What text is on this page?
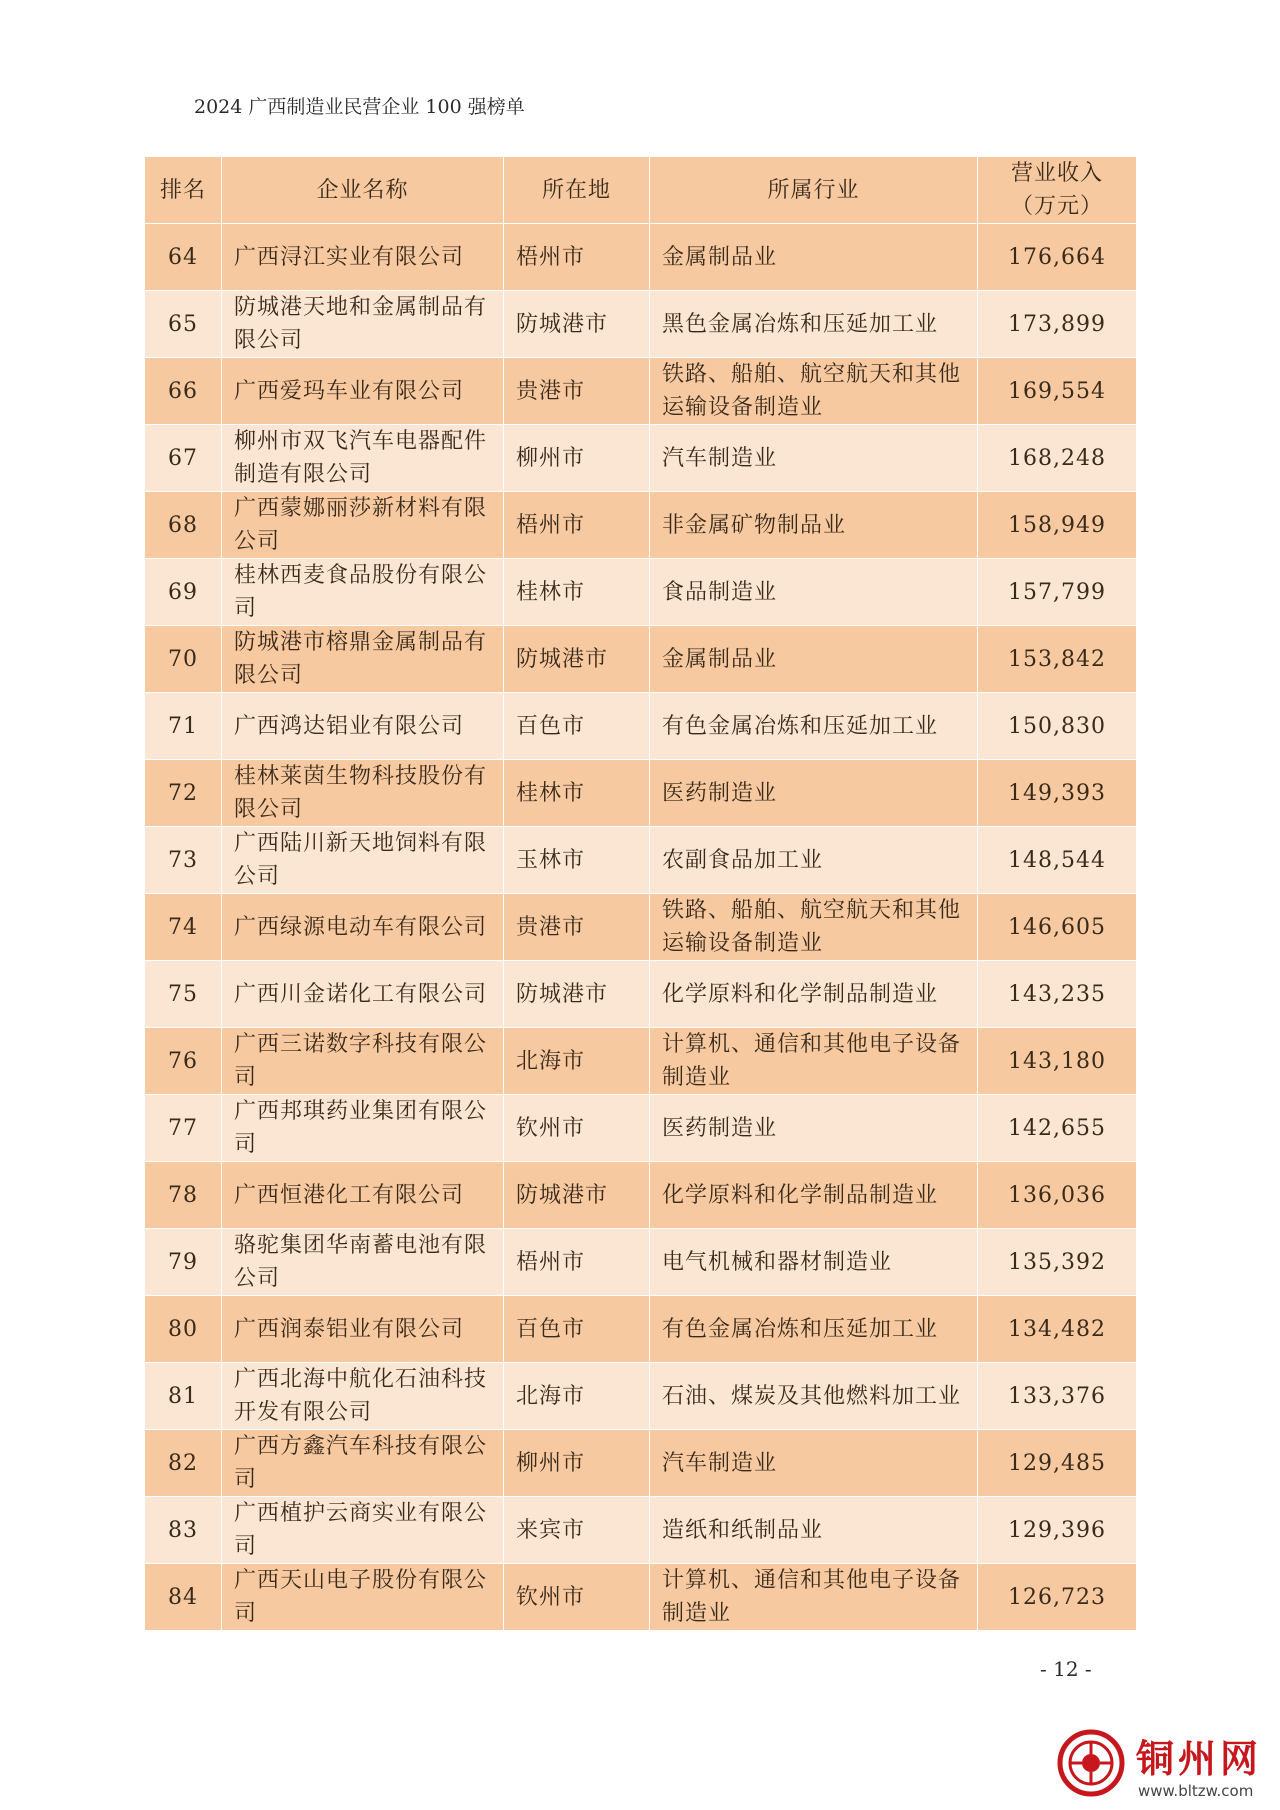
2024 广西制造业民营企业 100 强榜单
排名	企业名称	所在地	所属行业	营业收入（万元）
64	广西浔江实业有限公司	梧州市	金属制品业	176,664
65	防城港天地和金属制品有限公司	防城港市	黑色金属冶炼和压延加工业	173,899
66	广西爱玛车业有限公司	贵港市	铁路、船舶、航空航天和其他运输设备制造业	169,554
67	柳州市双飞汽车电器配件制造有限公司	柳州市	汽车制造业	168,248
68	广西蒙娜丽莎新材料有限公司	梧州市	非金属矿物制品业	158,949
69	桂林西麦食品股份有限公司	桂林市	食品制造业	157,799
70	防城港市榕鼎金属制品有限公司	防城港市	金属制品业	153,842
71	广西鸿达铝业有限公司	百色市	有色金属冶炼和压延加工业	150,830
72	桂林莱茵生物科技股份有限公司	桂林市	医药制造业	149,393
73	广西陆川新天地饲料有限公司	玉林市	农副食品加工业	148,544
74	广西绿源电动车有限公司	贵港市	铁路、船舶、航空航天和其他运输设备制造业	146,605
75	广西川金诺化工有限公司	防城港市	化学原料和化学制品制造业	143,235
76	广西三诺数字科技有限公司	北海市	计算机、通信和其他电子设备制造业	143,180
77	广西邦琪药业集团有限公司	钦州市	医药制造业	142,655
78	广西恒港化工有限公司	防城港市	化学原料和化学制品制造业	136,036
79	骆驼集团华南蓄电池有限公司	梧州市	电气机械和器材制造业	135,392
80	广西润泰铝业有限公司	百色市	有色金属冶炼和压延加工业	134,482
81	广西北海中航化石油科技开发有限公司	北海市	石油、煤炭及其他燃料加工业	133,376
82	广西方鑫汽车科技有限公司	柳州市	汽车制造业	129,485
83	广西植护云商实业有限公司	来宾市	造纸和纸制品业	129,396
84	广西天山电子股份有限公司	钦州市	计算机、通信和其他电子设备制造业	126,723
- 12 -
铜州网
www.bltzw.com
